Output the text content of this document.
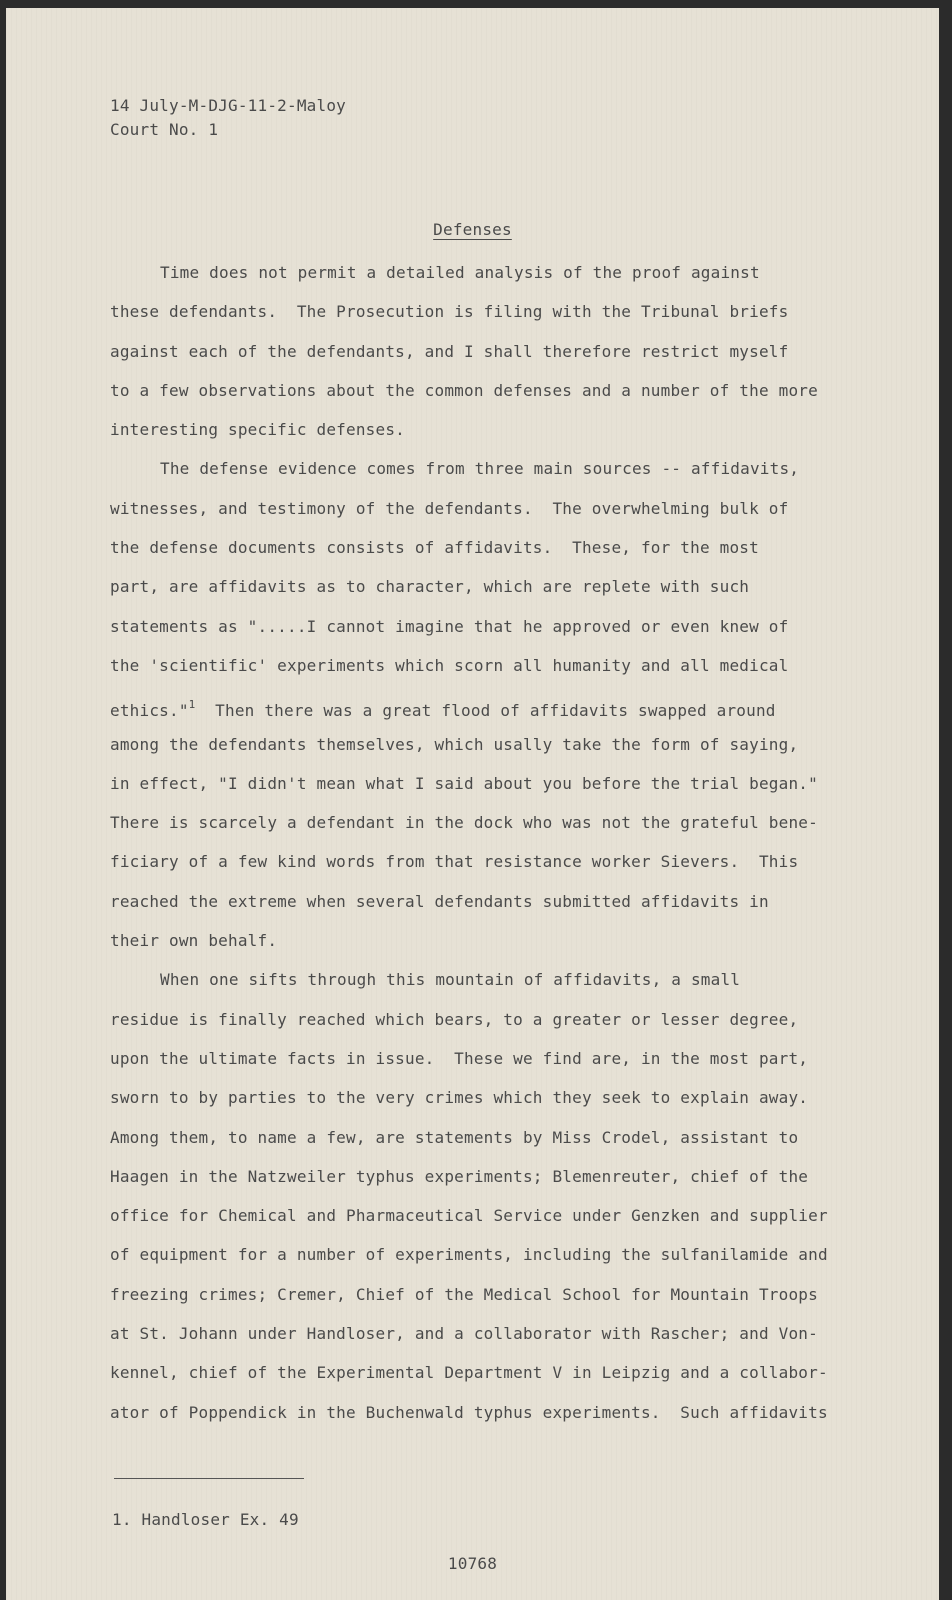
14 July-M-DJG-11-2-Maloy
Court No. 1
Defenses
Time does not permit a detailed analysis of the proof against
these defendants.  The Prosecution is filing with the Tribunal briefs
against each of the defendants, and I shall therefore restrict myself
to a few observations about the common defenses and a number of the more
interesting specific defenses.
The defense evidence comes from three main sources -- affidavits,
witnesses, and testimony of the defendants.  The overwhelming bulk of
the defense documents consists of affidavits.  These, for the most
part, are affidavits as to character, which are replete with such
statements as ".....I cannot imagine that he approved or even knew of
the 'scientific' experiments which scorn all humanity and all medical
ethics."$^1$ Then there was a great flood of affidavits swapped around
among the defendants themselves, which usally take the form of saying,
in effect, "I didn't mean what I said about you before the trial began."
There is scarcely a defendant in the dock who was not the grateful bene-
ficiary of a few kind words from that resistance worker Sievers.  This
reached the extreme when several defendants submitted affidavits in
their own behalf.
When one sifts through this mountain of affidavits, a small
residue is finally reached which bears, to a greater or lesser degree,
upon the ultimate facts in issue.  These we find are, in the most part,
sworn to by parties to the very crimes which they seek to explain away.
Among them, to name a few, are statements by Miss Crodel, assistant to
Haagen in the Natzweiler typhus experiments; Blemenreuter, chief of the
office for Chemical and Pharmaceutical Service under Genzken and supplier
of equipment for a number of experiments, including the sulfanilamide and
freezing crimes; Cremer, Chief of the Medical School for Mountain Troops
at St. Johann under Handloser, and a collaborator with Rascher; and Von-
kennel, chief of the Experimental Department V in Leipzig and a collabor-
ator of Poppendick in the Buchenwald typhus experiments.  Such affidavits
1. Handloser Ex. 49
10768
